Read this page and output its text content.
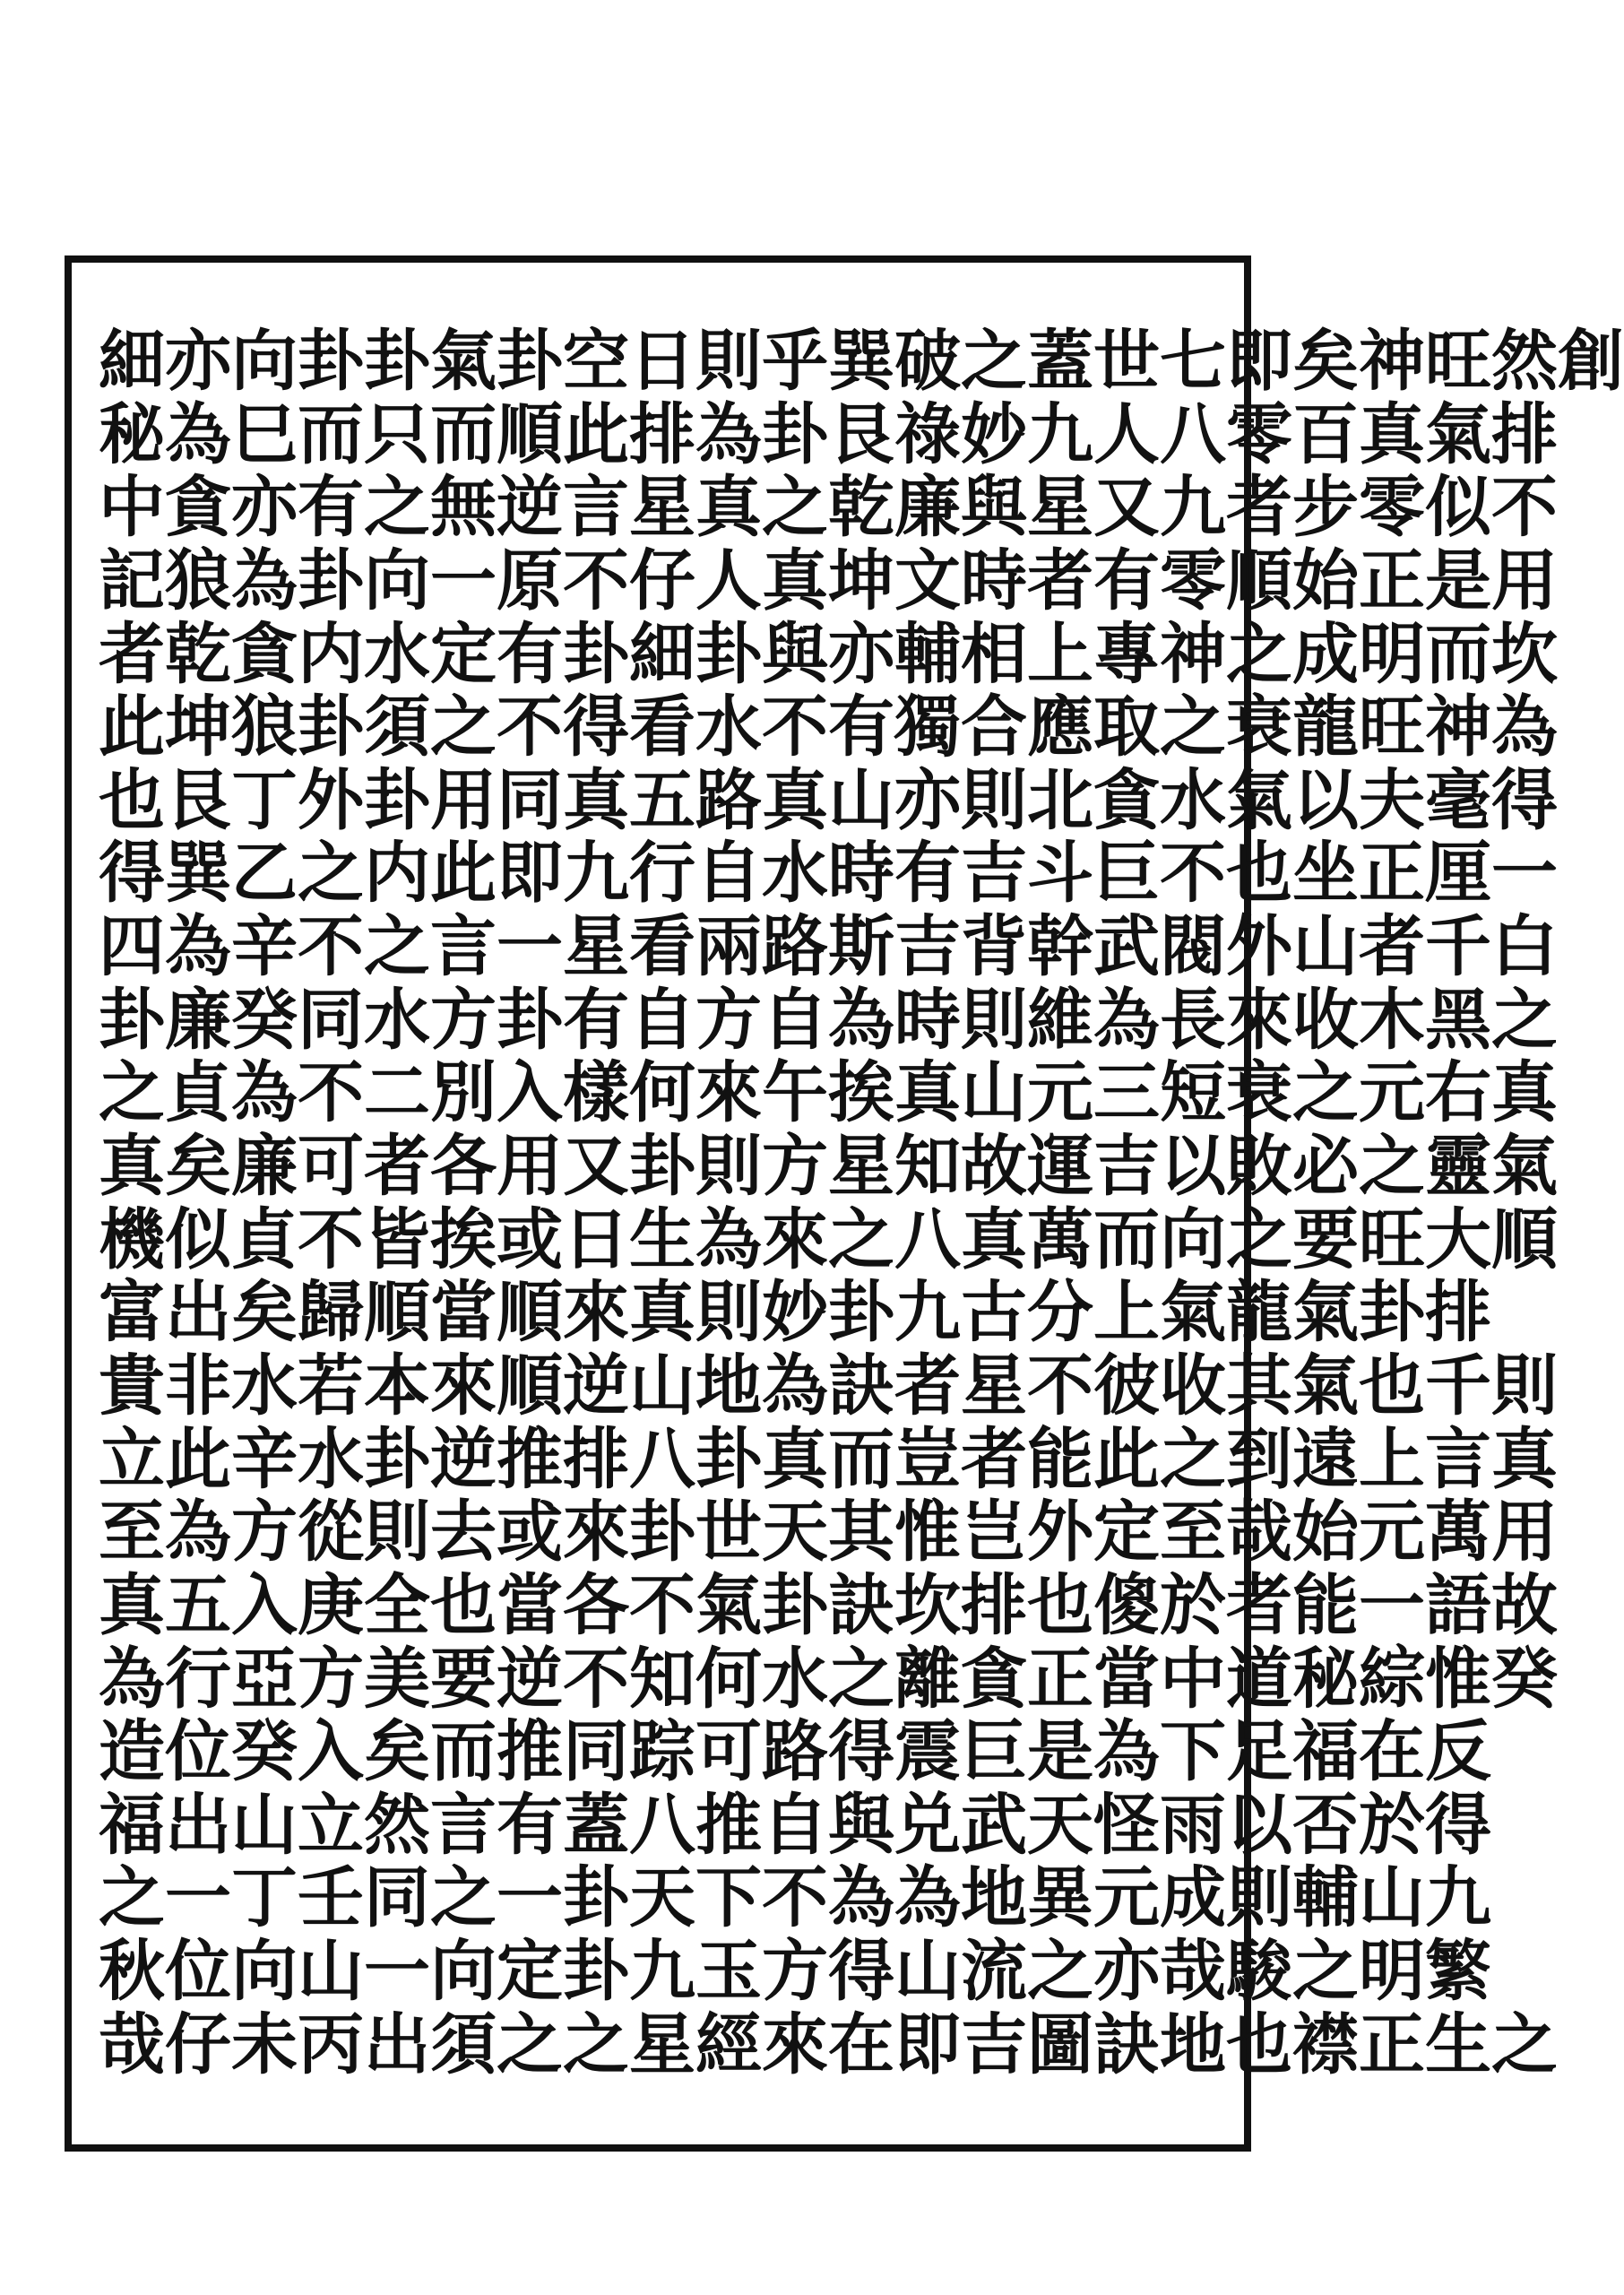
細 亦 向 卦 卦 氣 卦 空 日 則 乎 巽 破 之 蓋 世 七 即 矣 神 旺 然 創
秘 為 巳 而 只 而 順 此 排 為 卦 艮 祿 妙 九 人 八 零 百 真 氣 排
中 貪 亦 有 之 無 逆 言 星 真 之 乾 廉 與 星 又 九 者 步 零 似 不
記 狼 為 卦 向 一 原 不 仔 人 真 坤 文 時 者 有 零 順 始 正 是 用
者 乾 貪 内 水 定 有 卦 細 卦 與 亦 輔 相 上 專 神 之 成 明 而 坎
此 坤 狼 卦 須 之 不 得 看 水 不 有 獨 合 應 取 之 衰 龍 旺 神 為
也 艮 丁 外 卦 用 同 真 五 路 真 山 亦 則 北 貪 水 氣 以 夫 毫 得
得 巽 乙 之 内 此 即 九 行 自 水 時 有 吉 斗 巨 不 也 坐 正 厘 一
四 為 辛 不 之 言 一 星 看 兩 路 斯 吉 背 幹 武 閥 外 山 者 千 白
卦 廉 癸 同 水 方 卦 有 自 方 自 為 時 則 維 為 長 來 收 木 黑 之
之 貞 為 不 二 別 入 樣 何 來 午 挨 真 山 元 三 短 衰 之 元 右 真
真 矣 廉 可 者 各 用 又 卦 則 方 星 知 故 運 吉 以 敗 必 之 靈 氣
機 似 貞 不 皆 挨 或 日 生 為 來 之 八 真 萬 而 向 之 要 旺 大 順
富 出 矣 歸 順 當 順 來 真 則 妙 卦 九 古 分 上 氣 龍 氣 卦 排
貴 非 水 若 本 來 順 逆 山 地 為 訣 者 星 不 彼 收 其 氣 也 千 則
立 此 辛 水 卦 逆 推 排 八 卦 真 而 豈 者 能 此 之 到 遠 上 言 真
至 為 方 從 則 去 或 來 卦 世 天 其 惟 岂 外 定 至 哉 始 元 萬 用
真 五 入 庚 全 也 當 各 不 氣 卦 訣 坎 排 也 傻 於 者 能 一 語 故
為 行 亞 方 美 要 逆 不 知 何 水 之 離 貪 正 當 中 道 秘 綜 惟 癸
造 位 癸 入 矣 而 推 同 踪 可 路 得 震 巨 是 為 下 足 福 在 反
福 出 山 立 然 言 有 蓋 八 推 自 與 兑 武 天 怪 雨 以 否 於 得
之 一 丁 壬 同 之 一 卦 天 下 不 為 為 地 異 元 成 則 輔 山 九
秋 位 向 山 一 向 定 卦 九 玉 方 得 山 流 之 亦 哉 駿 之 明 繁
哉 仔 未 丙 出 須 之 之 星 經 來 在 即 吉 圖 訣 地 也 襟 正 生 之
